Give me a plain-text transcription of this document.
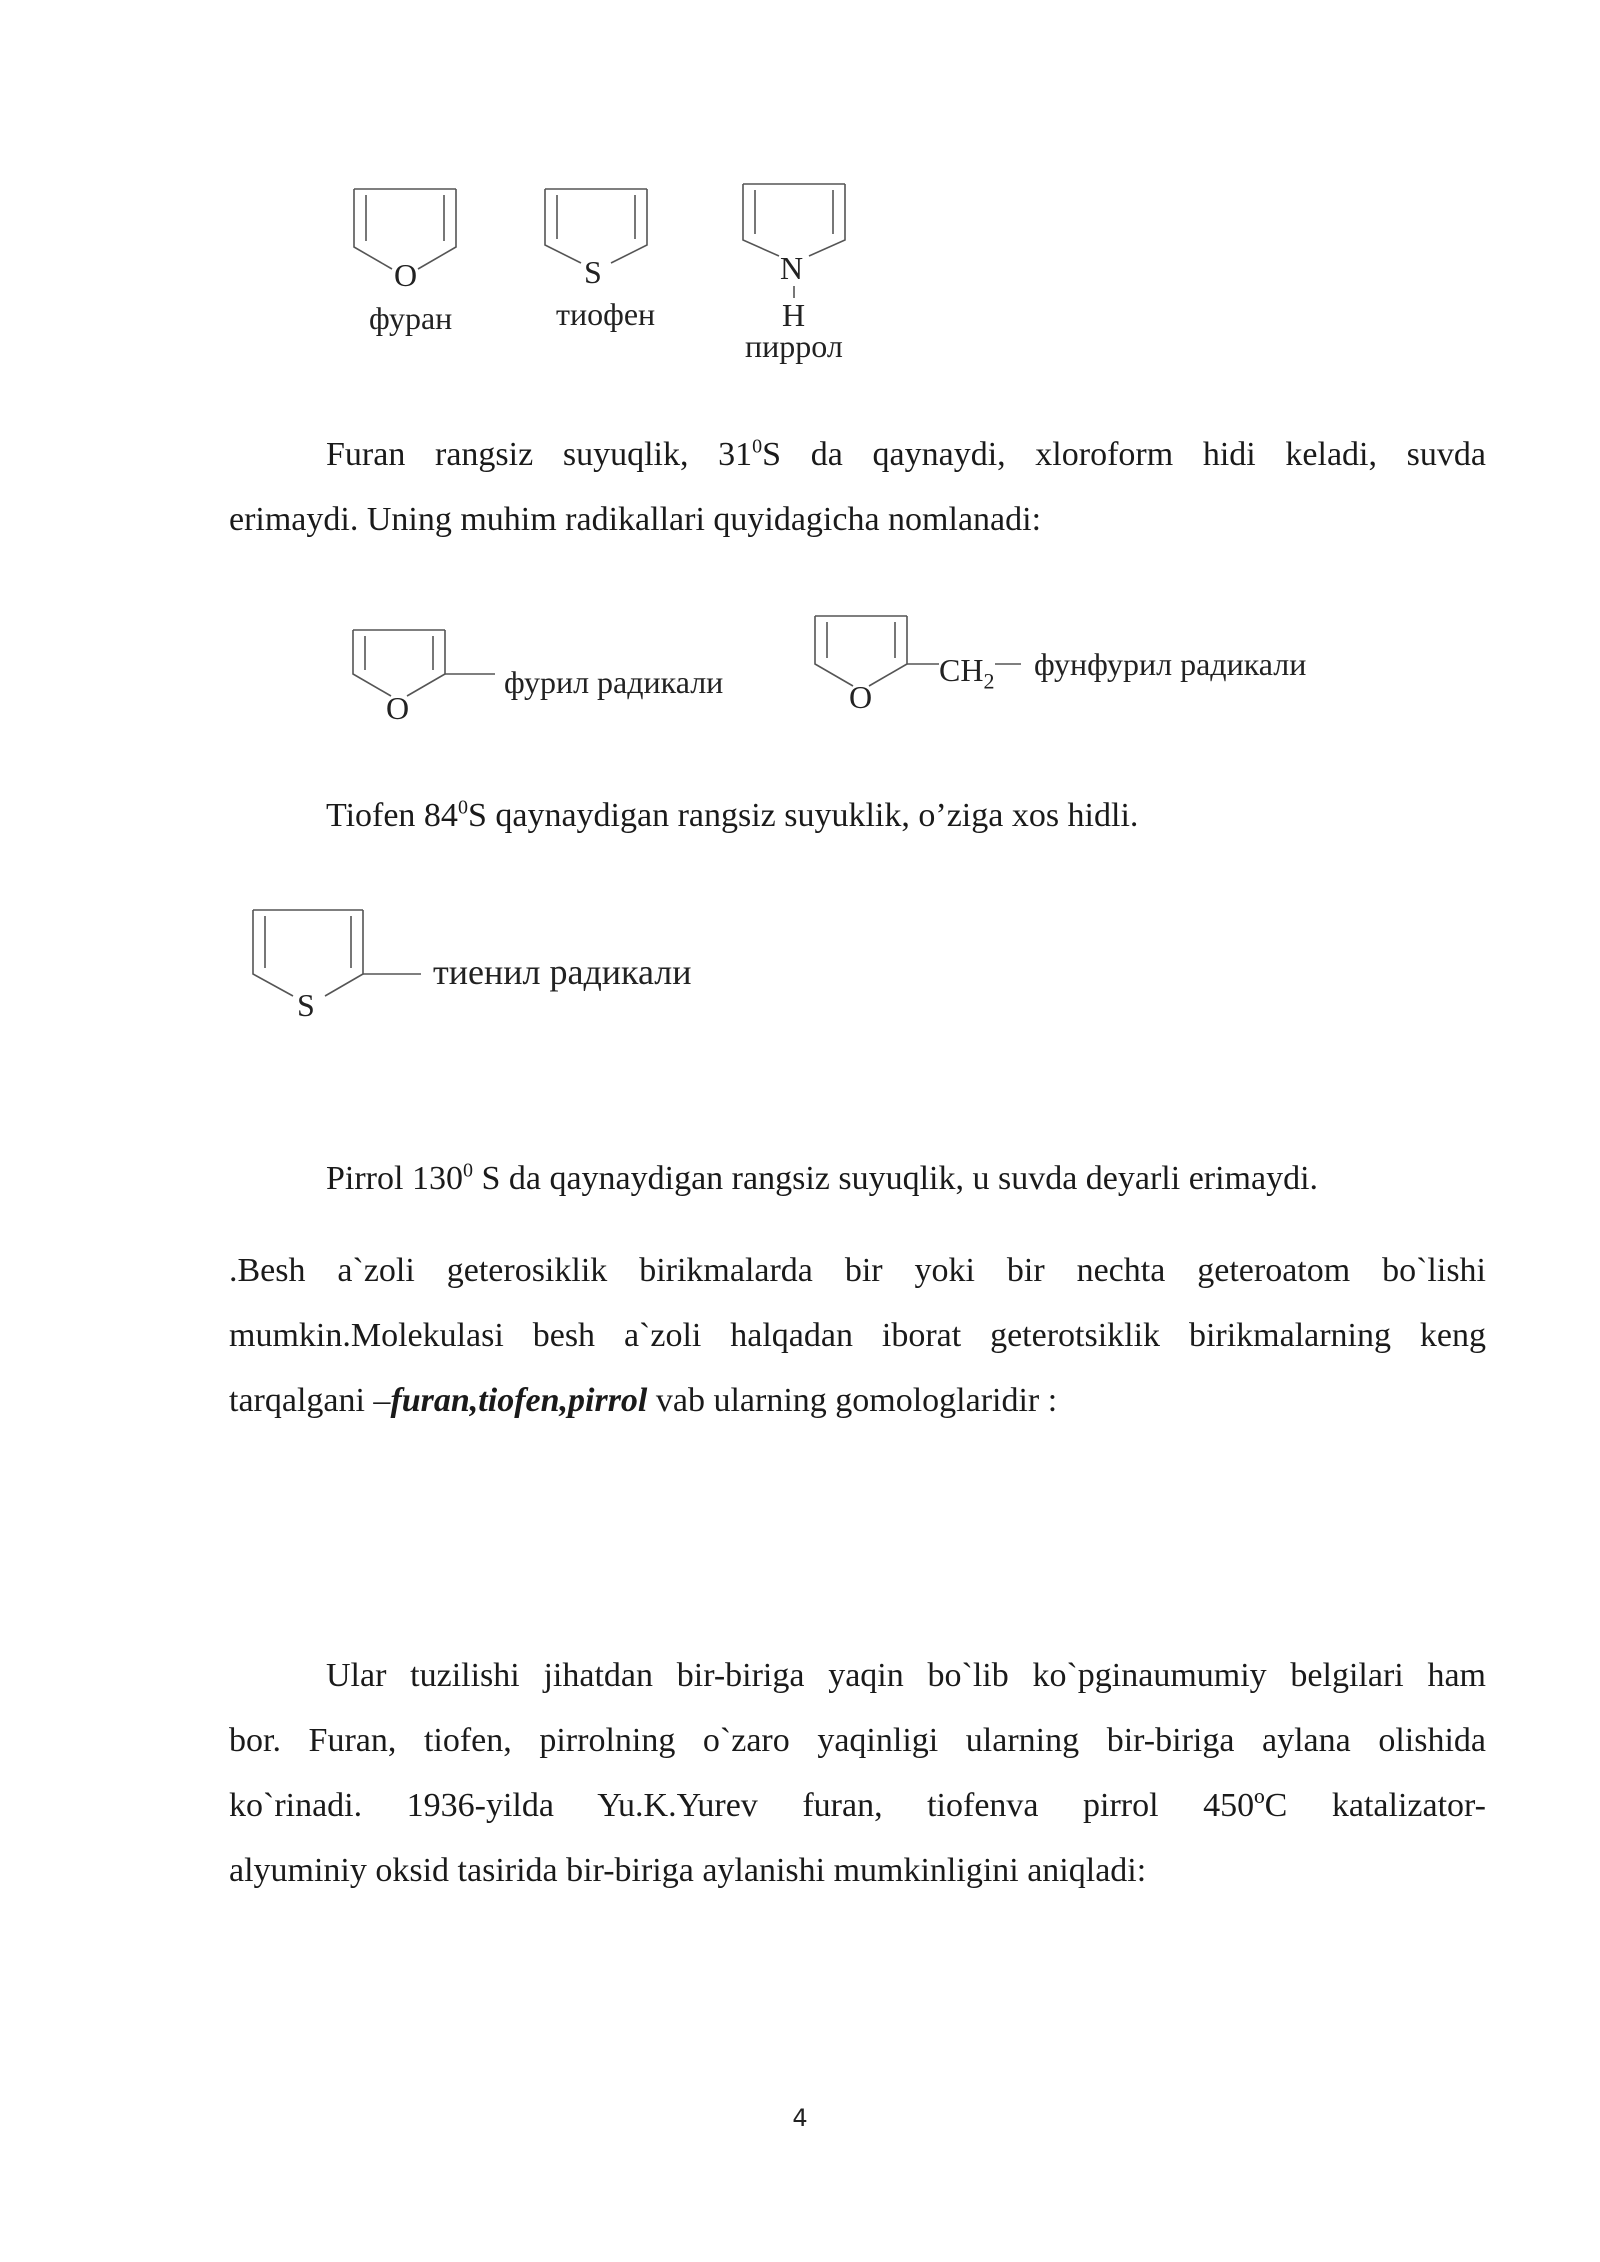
O
фуран
S
тиофен
N
H
пиррол
Furan rangsiz suyuqlik, $31^0S$ da qaynaydi, xloroform hidi keladi, suvda
erimaydi. Uning muhim radikallari quyidagicha nomlanadi:
O
фурил радикали	O
$CH_2$ фунфурил радикали
Tiofen $84^0S$ qaynaydigan rangsiz suyuklik, o’ziga xos hidli.
S
тиенил радикали
Pirrol $130^0$ S da qaynaydigan rangsiz suyuqlik, u suvda deyarli erimaydi.
.Besh a`zoli geterosiklik birikmalarda bir yoki bir nechta geteroatom bo`lishi
mumkin.Molekulasi besh a`zoli halqadan iborat geterotsiklik birikmalarning keng
tarqalgani –furan,tiofen,pirrol vab ularning gomologlaridir :
Ular tuzilishi jihatdan bir-biriga yaqin bo`lib ko`pginaumumiy belgilari ham
bor. Furan, tiofen, pirrolning o`zaro yaqinligi ularning bir-biriga aylana olishida
ko`rinadi. 1936-yilda Yu.K.Yurev furan, tiofenva pirrol 450ºC katalizator-
alyuminiy oksid tasirida bir-biriga aylanishi mumkinligini aniqladi:
4
